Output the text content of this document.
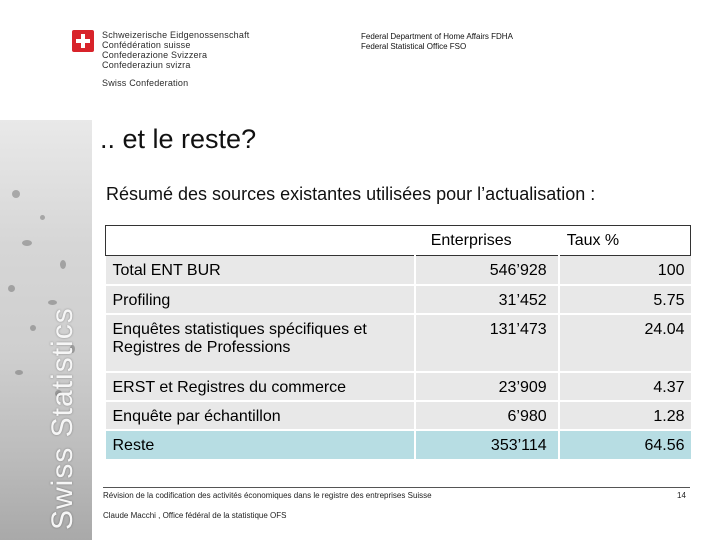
Swiss Statistics
Schweizerische Eidgenossenschaft
Confédération suisse
Confederazione Svizzera
Confederaziun svizra
Swiss Confederation
Federal Department of Home Affairs FDHA
Federal Statistical Office FSO
.. et le reste?
Résumé des sources existantes utilisées pour l’actualisation :
	Enterprises	Taux %
Total ENT BUR	546’928	100
Profiling	31’452	5.75
Enquêtes statistiques spécifiques et Registres de Professions	131’473	24.04
ERST et Registres du commerce	23’909	4.37
Enquête par échantillon	6’980	1.28
Reste	353’114	64.56
Révision de la codification des activités économiques dans le registre des entreprises Suisse
Claude Macchi , Office fédéral de la statistique OFS
14
